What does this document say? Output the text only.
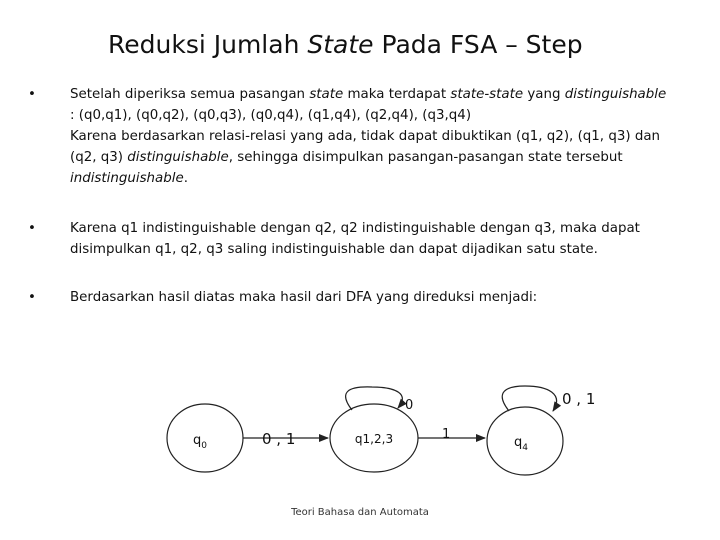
Reduksi Jumlah State Pada FSA – Step
•	Setelah diperiksa semua pasangan state maka terdapat state-state yang distinguishable
: (q0,q1), (q0,q2), (q0,q3), (q0,q4), (q1,q4), (q2,q4), (q3,q4)
Karena berdasarkan relasi-relasi yang ada, tidak dapat dibuktikan (q1, q2), (q1, q3) dan
(q2, q3) distinguishable, sehingga disimpulkan pasangan-pasangan state tersebut
indistinguishable.
•	Karena q1 indistinguishable dengan q2, q2 indistinguishable dengan q3, maka dapat
disimpulkan q1, q2, q3 saling indistinguishable dan dapat dijadikan satu state.
•	Berdasarkan hasil diatas maka hasil dari DFA yang direduksi menjadi:
$q_0$	q1,2,3	$q_4$
0 , 1
0
1
0 , 1
Teori Bahasa dan Automata
